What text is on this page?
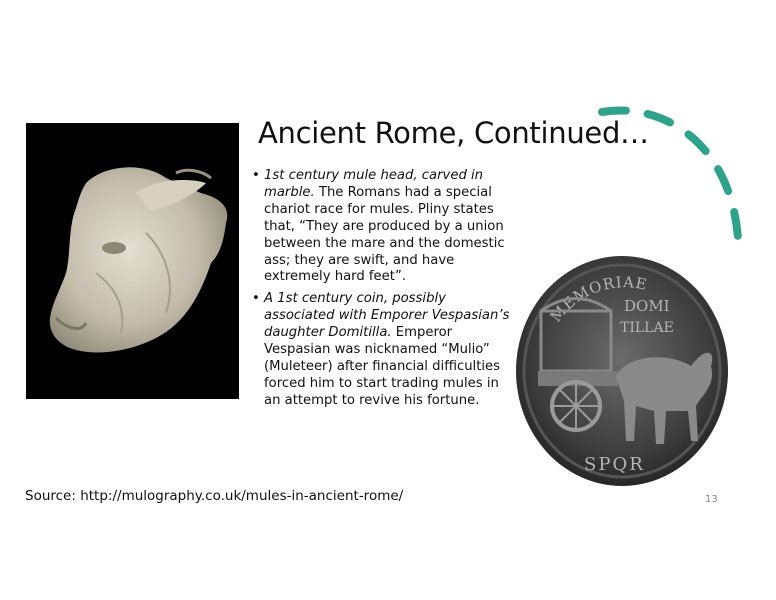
Ancient Rome, Continued…
• 1st century mule head, carved in marble. The Romans had a special chariot race for mules. Pliny states that, “They are produced by a union between the mare and the domestic ass; they are swift, and have extremely hard feet”.
• A 1st century coin, possibly associated with Emporer Vespasian’s daughter Domitilla. Emperor Vespasian was nicknamed “Mulio” (Muleteer) after financial difficulties forced him to start trading mules in an attempt to revive his fortune.
MEMORIAE
DOMI
TILLAE
SPQR
Source: http://mulography.co.uk/mules-in-ancient-rome/	13
